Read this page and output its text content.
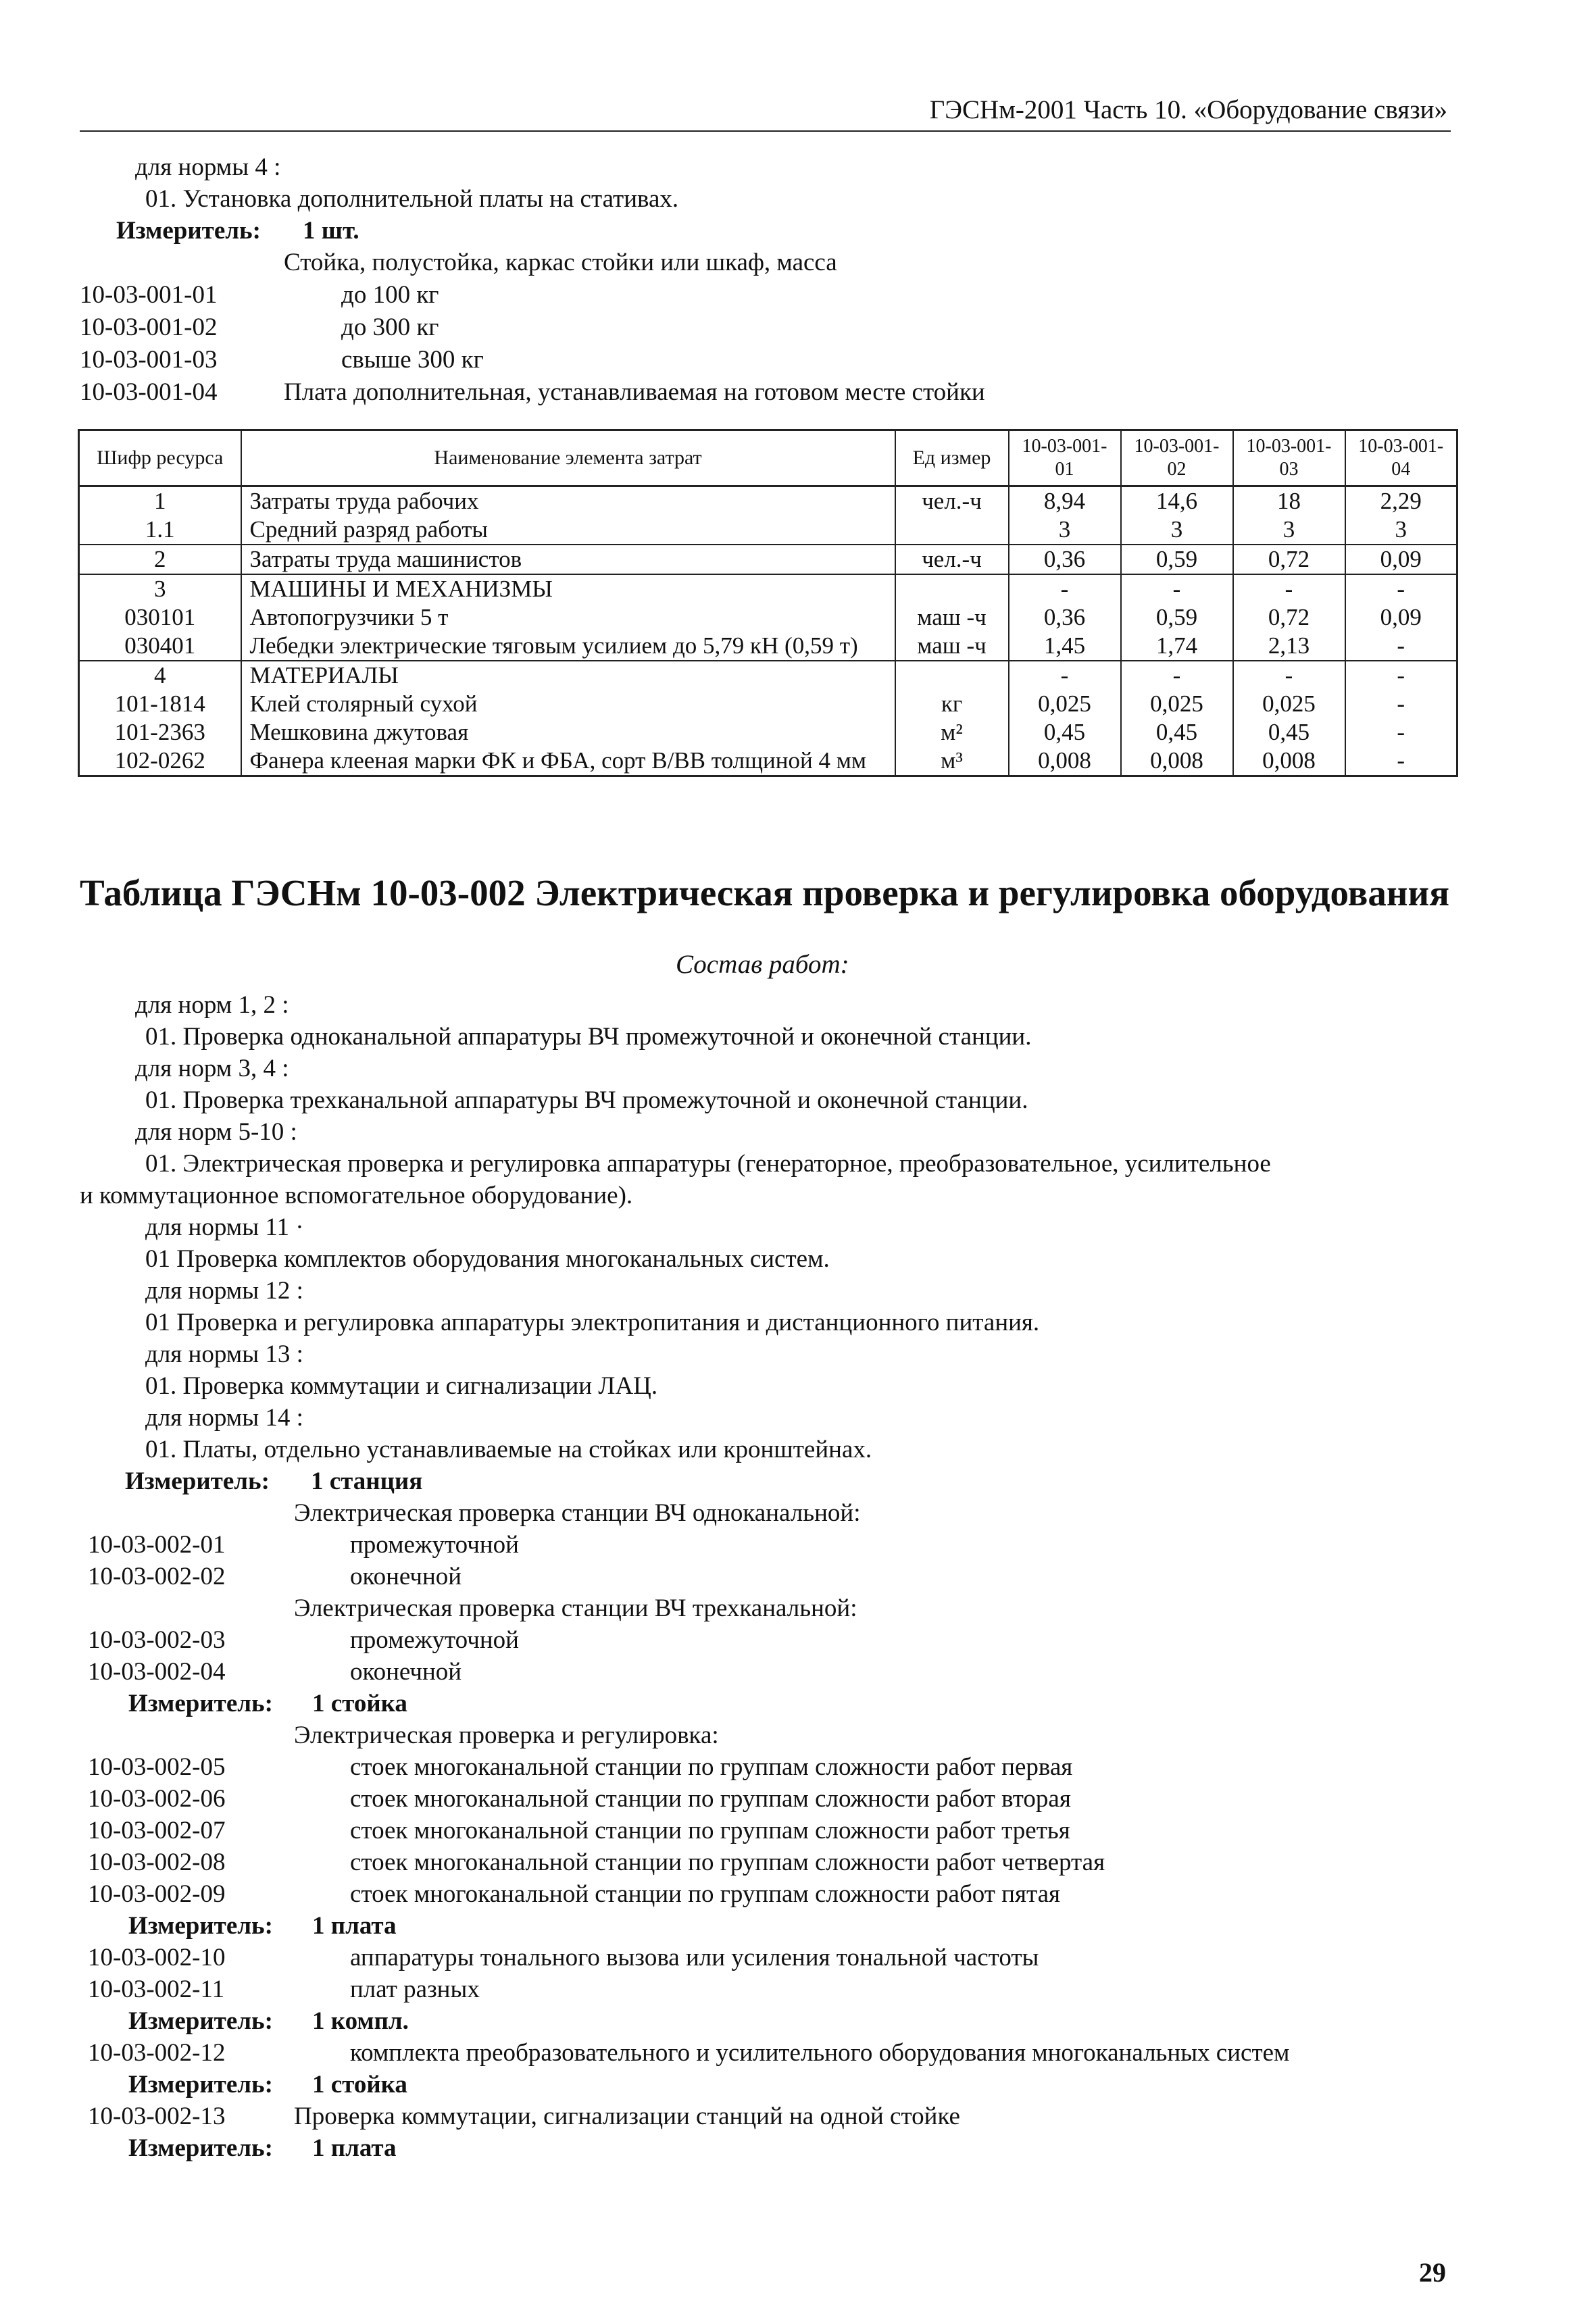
ГЭСНм-2001 Часть 10. «Оборудование связи»
для нормы 4 :
01. Установка дополнительной платы на стативах.
Измеритель: 1 шт.
Стойка, полустойка, каркас стойки или шкаф, масса
10-03-001-01	до 100 кг
10-03-001-02	до 300 кг
10-03-001-03	свыше 300 кг
10-03-001-04	Плата дополнительная, устанавливаемая на готовом месте стойки
Шифр ресурса	Наименование элемента затрат	Ед измер	10-03-001-01	10-03-001-02	10-03-001-03	10-03-001-04
1	Затраты труда рабочих	чел.-ч	8,94	14,6	18	2,29
1.1	Средний разряд работы		3	3	3	3
2	Затраты труда машинистов	чел.-ч	0,36	0,59	0,72	0,09
3	МАШИНЫ И МЕХАНИЗМЫ		-	-	-	-
030101	Автопогрузчики 5 т	маш -ч	0,36	0,59	0,72	0,09
030401	Лебедки электрические тяговым усилием до 5,79 кН (0,59 т)	маш -ч	1,45	1,74	2,13	-
4	МАТЕРИАЛЫ		-	-	-	-
101-1814	Клей столярный сухой	кг	0,025	0,025	0,025	-
101-2363	Мешковина джутовая	м²	0,45	0,45	0,45	-
102-0262	Фанера клееная марки ФК и ФБА, сорт В/ВВ толщиной 4 мм	м³	0,008	0,008	0,008	-
Таблица ГЭСНм 10-03-002 Электрическая проверка и регулировка оборудования
Состав работ:
для норм 1, 2 :
01. Проверка одноканальной аппаратуры ВЧ промежуточной и оконечной станции.
для норм 3, 4 :
01. Проверка трехканальной аппаратуры ВЧ промежуточной и оконечной станции.
для норм 5-10 :
01. Электрическая проверка и регулировка аппаратуры (генераторное, преобразовательное, усилительное
и коммутационное вспомогательное оборудование).
для нормы 11 ·
01 Проверка комплектов оборудования многоканальных систем.
для нормы 12 :
01 Проверка и регулировка аппаратуры электропитания и дистанционного питания.
для нормы 13 :
01. Проверка коммутации и сигнализации ЛАЦ.
для нормы 14 :
01. Платы, отдельно устанавливаемые на стойках или кронштейнах.
Измеритель: 1 станция
Электрическая проверка станции ВЧ одноканальной:
10-03-002-01	промежуточной
10-03-002-02	оконечной
Электрическая проверка станции ВЧ трехканальной:
10-03-002-03	промежуточной
10-03-002-04	оконечной
Измеритель: 1 стойка
Электрическая проверка и регулировка:
10-03-002-05	стоек многоканальной станции по группам сложности работ первая
10-03-002-06	стоек многоканальной станции по группам сложности работ вторая
10-03-002-07	стоек многоканальной станции по группам сложности работ третья
10-03-002-08	стоек многоканальной станции по группам сложности работ четвертая
10-03-002-09	стоек многоканальной станции по группам сложности работ пятая
Измеритель: 1 плата
10-03-002-10	аппаратуры тонального вызова или усиления тональной частоты
10-03-002-11	плат разных
Измеритель: 1 компл.
10-03-002-12	комплекта преобразовательного и усилительного оборудования многоканальных систем
Измеритель: 1 стойка
10-03-002-13	Проверка коммутации, сигнализации станций на одной стойке
Измеритель: 1 плата
29
